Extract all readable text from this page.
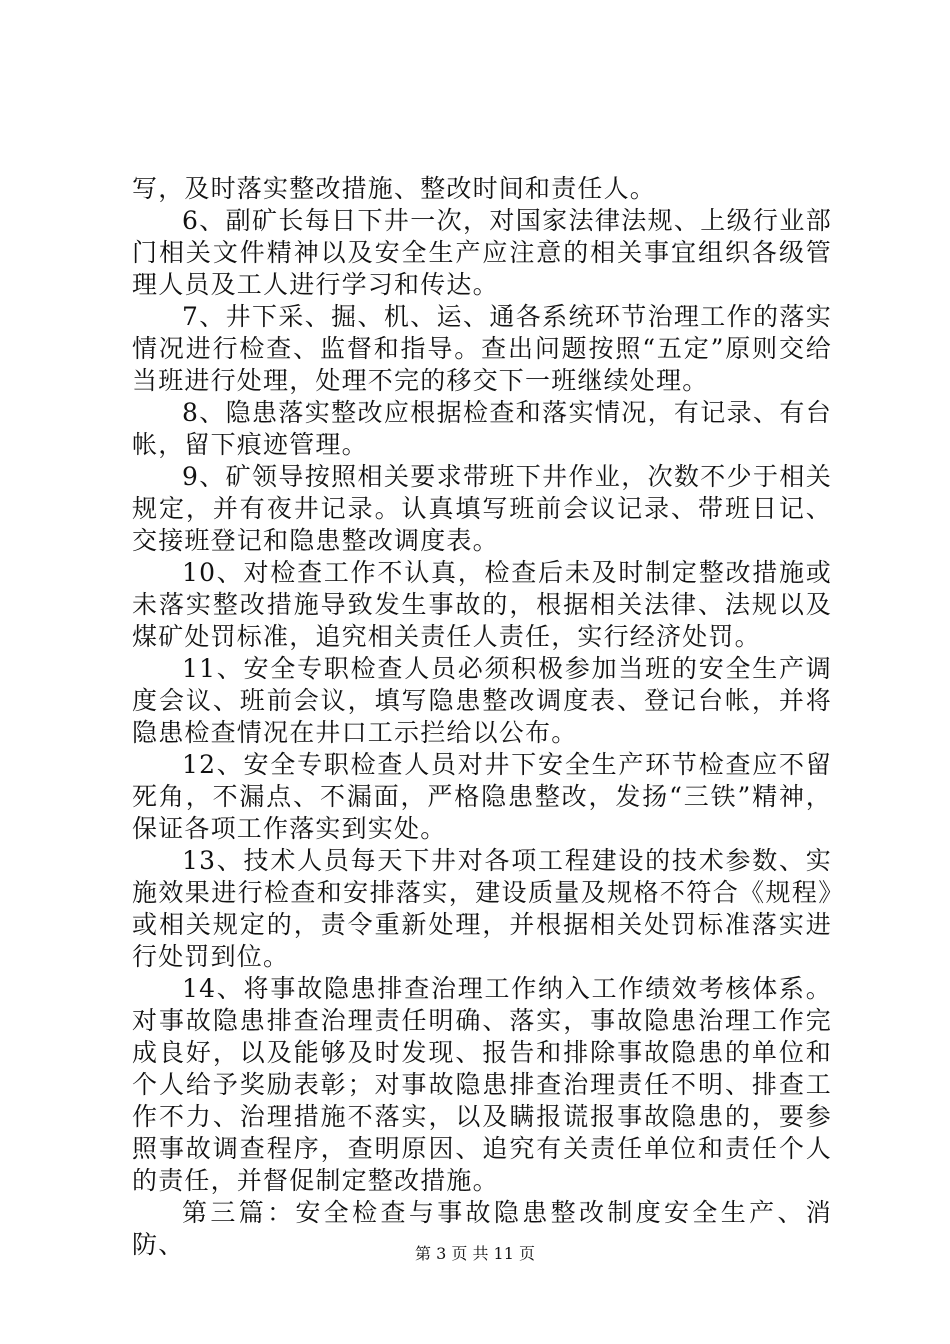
写，及时落实整改措施、整改时间和责任人。

6、副矿长每日下井一次，对国家法律法规、上级行业部门相关文件精神以及安全生产应注意的相关事宜组织各级管理人员及工人进行学习和传达。

7、井下采、掘、机、运、通各系统环节治理工作的落实情况进行检查、监督和指导。查出问题按照“五定”原则交给当班进行处理，处理不完的移交下一班继续处理。

8、隐患落实整改应根据检查和落实情况，有记录、有台帐，留下痕迹管理。

9、矿领导按照相关要求带班下井作业，次数不少于相关规定，并有夜井记录。认真填写班前会议记录、带班日记、交接班登记和隐患整改调度表。

10、对检查工作不认真，检查后未及时制定整改措施或未落实整改措施导致发生事故的，根据相关法律、法规以及煤矿处罚标准，追究相关责任人责任，实行经济处罚。

11、安全专职检查人员必须积极参加当班的安全生产调度会议、班前会议，填写隐患整改调度表、登记台帐，并将隐患检查情况在井口工示拦给以公布。

12、安全专职检查人员对井下安全生产环节检查应不留死角，不漏点、不漏面，严格隐患整改，发扬“三铁”精神，保证各项工作落实到实处。

13、技术人员每天下井对各项工程建设的技术参数、实施效果进行检查和安排落实，建设质量及规格不符合《规程》或相关规定的，责令重新处理，并根据相关处罚标准落实进行处罚到位。

14、将事故隐患排查治理工作纳入工作绩效考核体系。对事故隐患排查治理责任明确、落实，事故隐患治理工作完成良好，以及能够及时发现、报告和排除事故隐患的单位和个人给予奖励表彰；对事故隐患排查治理责任不明、排查工作不力、治理措施不落实，以及瞒报谎报事故隐患的，要参照事故调查程序，查明原因、追究有关责任单位和责任个人的责任，并督促制定整改措施。

第三篇：安全检查与事故隐患整改制度安全生产、消防、	第 3 页 共 11 页
